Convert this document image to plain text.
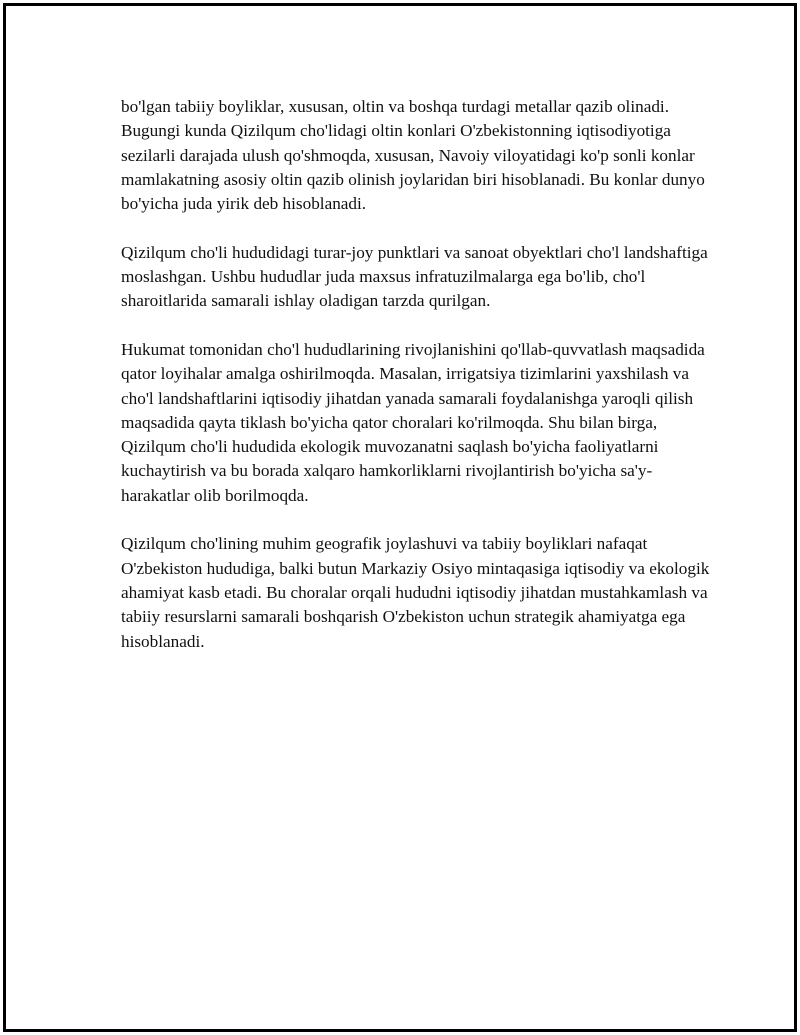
bo'lgan tabiiy boyliklar, xususan, oltin va boshqa turdagi metallar qazib olinadi. Bugungi kunda Qizilqum cho'lidagi oltin konlari O'zbekistonning iqtisodiyotiga sezilarli darajada ulush qo'shmoqda, xususan, Navoiy viloyatidagi ko'p sonli konlar mamlakatning asosiy oltin qazib olinish joylaridan biri hisoblanadi. Bu konlar dunyo bo'yicha juda yirik deb hisoblanadi.

Qizilqum cho'li hududidagi turar-joy punktlari va sanoat obyektlari cho'l landshaftiga moslashgan. Ushbu hududlar juda maxsus infratuzilmalarga ega bo'lib, cho'l sharoitlarida samarali ishlay oladigan tarzda qurilgan.

Hukumat tomonidan cho'l hududlarining rivojlanishini qo'llab-quvvatlash maqsadida qator loyihalar amalga oshirilmoqda. Masalan, irrigatsiya tizimlarini yaxshilash va cho'l landshaftlarini iqtisodiy jihatdan yanada samarali foydalanishga yaroqli qilish maqsadida qayta tiklash bo'yicha qator choralari ko'rilmoqda. Shu bilan birga, Qizilqum cho'li hududida ekologik muvozanatni saqlash bo'yicha faoliyatlarni kuchaytirish va bu borada xalqaro hamkorliklarni rivojlantirish bo'yicha sa'y-harakatlar olib borilmoqda.

Qizilqum cho'lining muhim geografik joylashuvi va tabiiy boyliklari nafaqat O'zbekiston hududiga, balki butun Markaziy Osiyo mintaqasiga iqtisodiy va ekologik ahamiyat kasb etadi. Bu choralar orqali hududni iqtisodiy jihatdan mustahkamlash va tabiiy resurslarni samarali boshqarish O'zbekiston uchun strategik ahamiyatga ega hisoblanadi.
